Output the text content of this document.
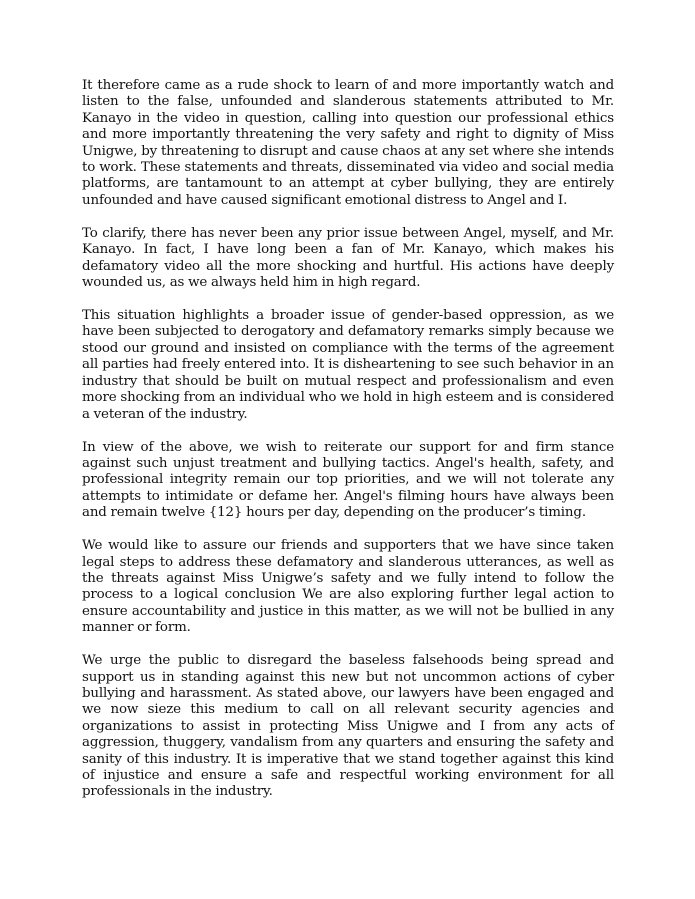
It therefore came as a rude shock to learn of and more importantly watch and listen to the false, unfounded and slanderous statements attributed to Mr. Kanayo in the video in question, calling into question our professional ethics and more importantly threatening the very safety and right to dignity of Miss Unigwe, by threatening to disrupt and cause chaos at any set where she intends to work. These statements and threats, disseminated via video and social media platforms, are tantamount to an attempt at cyber bullying, they are entirely unfounded and have caused significant emotional distress to Angel and I.

To clarify, there has never been any prior issue between Angel, myself, and Mr. Kanayo. In fact, I have long been a fan of Mr. Kanayo, which makes his defamatory video all the more shocking and hurtful. His actions have deeply wounded us, as we always held him in high regard.

This situation highlights a broader issue of gender-based oppression, as we have been subjected to derogatory and defamatory remarks simply because we stood our ground and insisted on compliance with the terms of the agreement all parties had freely entered into. It is disheartening to see such behavior in an industry that should be built on mutual respect and professionalism and even more shocking from an individual who we hold in high esteem and is considered a veteran of the industry.

In view of the above, we wish to reiterate our support for and firm stance against such unjust treatment and bullying tactics. Angel's health, safety, and professional integrity remain our top priorities, and we will not tolerate any attempts to intimidate or defame her. Angel's filming hours have always been and remain twelve {12} hours per day, depending on the producer’s timing.

We would like to assure our friends and supporters that we have since taken legal steps to address these defamatory and slanderous utterances, as well as the threats against Miss Unigwe’s safety and we fully intend to follow the process to a logical conclusion We are also exploring further legal action to ensure accountability and justice in this matter, as we will not be bullied in any manner or form.

We urge the public to disregard the baseless falsehoods being spread and support us in standing against this new but not uncommon actions of cyber bullying and harassment. As stated above, our lawyers have been engaged and we now sieze this medium to call on all relevant security agencies and organizations to assist in protecting Miss Unigwe and I from any acts of aggression, thuggery, vandalism from any quarters and ensuring the safety and sanity of this industry. It is imperative that we stand together against this kind of injustice and ensure a safe and respectful working environment for all professionals in the industry.
